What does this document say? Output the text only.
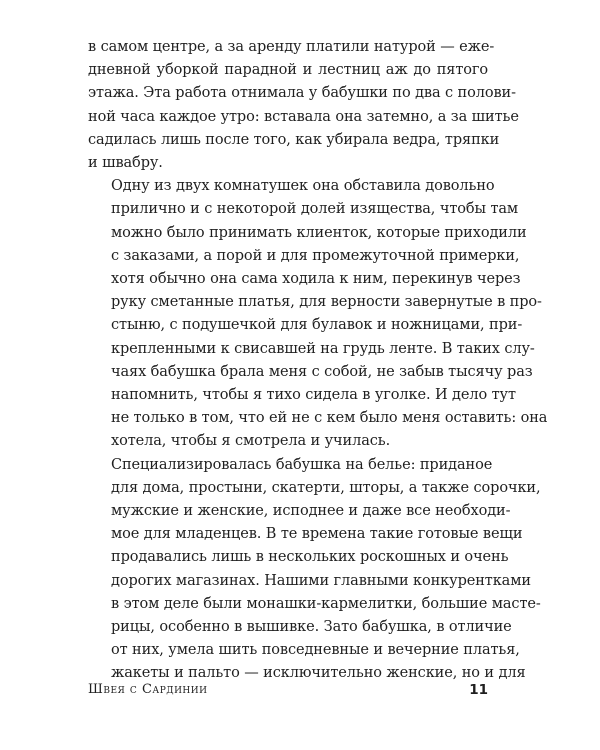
в самом центре, а за аренду платили натурой — еже-
дневной уборкой парадной и лестниц аж до пятого
этажа. Эта работа отнимала у бабушки по два с полови-
ной часа каждое утро: вставала она затемно, а за шитье
садилась лишь после того, как убирала ведра, тряпки
и швабру.

Одну из двух комнатушек она обставила довольно
прилично и с некоторой долей изящества, чтобы там
можно было принимать клиенток, которые приходили
с заказами, а порой и для промежуточной примерки,
хотя обычно она сама ходила к ним, перекинув через
руку сметанные платья, для верности завернутые в про-
стыню, с подушечкой для булавок и ножницами, при-
крепленными к свисавшей на грудь ленте. В таких слу-
чаях бабушка брала меня с собой, не забыв тысячу раз
напомнить, чтобы я тихо сидела в уголке. И дело тут
не только в том, что ей не с кем было меня оставить: она
хотела, чтобы я смотрела и училась.

Специализировалась бабушка на белье: приданое
для дома, простыни, скатерти, шторы, а также сорочки,
мужские и женские, исподнее и даже все необходи-
мое для младенцев. В те времена такие готовые вещи
продавались лишь в нескольких роскошных и очень
дорогих магазинах. Нашими главными конкурентками
в этом деле были монашки-кармелитки, большие масте-
рицы, особенно в вышивке. Зато бабушка, в отличие
от них, умела шить повседневные и вечерние платья,
жакеты и пальто — исключительно женские, но и для

Швея с Сардинии	11
